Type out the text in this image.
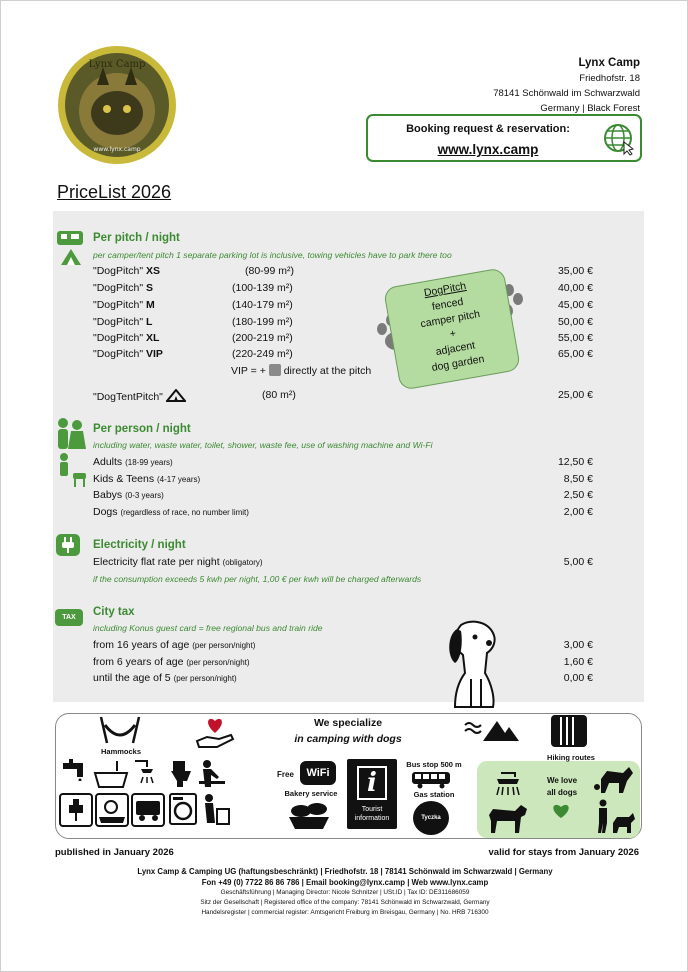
Lynx Camp
www.lynx.camp
Lynx Camp
Friedhofstr. 18
78141 Schönwald im Schwarzwald
Germany | Black Forest
Booking request & reservation:
www.lynx.camp
PriceList 2026
Per pitch / night
per camper/tent pitch 1 separate parking lot is inclusive, towing vehicles have to park there too
"DogPitch" XS	(80-99 m²)	35,00 €
"DogPitch" S	(100-139 m²)	40,00 €
"DogPitch" M	(140-179 m²)	45,00 €
"DogPitch" L	(180-199 m²)	50,00 €
"DogPitch" XL	(200-219 m²)	55,00 €
"DogPitch" VIP	(220-249 m²)	65,00 €
VIP = + directly at the pitch
"DogTentPitch"	(80 m²)	25,00 €
DogPitch
fenced
camper pitch
+
adjacent
dog garden
Per person / night
including water, waste water, toilet, shower, waste fee, use of washing machine and Wi-Fi
Adults (18-99 years)	12,50 €
Kids & Teens (4-17 years)	8,50 €
Babys (0-3 years)	2,50 €
Dogs (regardless of race, no number limit)	2,00 €
Electricity / night
Electricity flat rate per night (obligatory)	5,00 €
if the consumption exceeds 5 kwh per night, 1,00 € per kwh will be charged afterwards
TAX	City tax
including Konus guest card = free regional bus and train ride
from 16 years of age (per person/night)	3,00 €
from 6 years of age (per person/night)	1,60 €
until the age of 5 (per person/night)	0,00 €
Hammocks
We specialize
in camping with dogs
Hiking routes
Free	WiFi
Bakery service	i
Tourist
information
Bus stop 500 m
Gas station
Tyczka
We love
all dogs
published in January 2026	valid for stays from January 2026
Lynx Camp & Camping UG (haftungsbeschränkt) | Friedhofstr. 18 | 78141 Schönwald im Schwarzwald | Germany
Fon +49 (0) 7722 86 86 786 | Email booking@lynx.camp | Web www.lynx.camp
Geschäftsführung | Managing Director: Nicole Schnitzer | USt.ID | Tax ID: DE311686059
Sitz der Gesellschaft | Registered office of the company: 78141 Schönwald im Schwarzwald, Germany
Handelsregister | commercial register: Amtsgericht Freiburg im Breisgau, Germany | No. HRB 716300
